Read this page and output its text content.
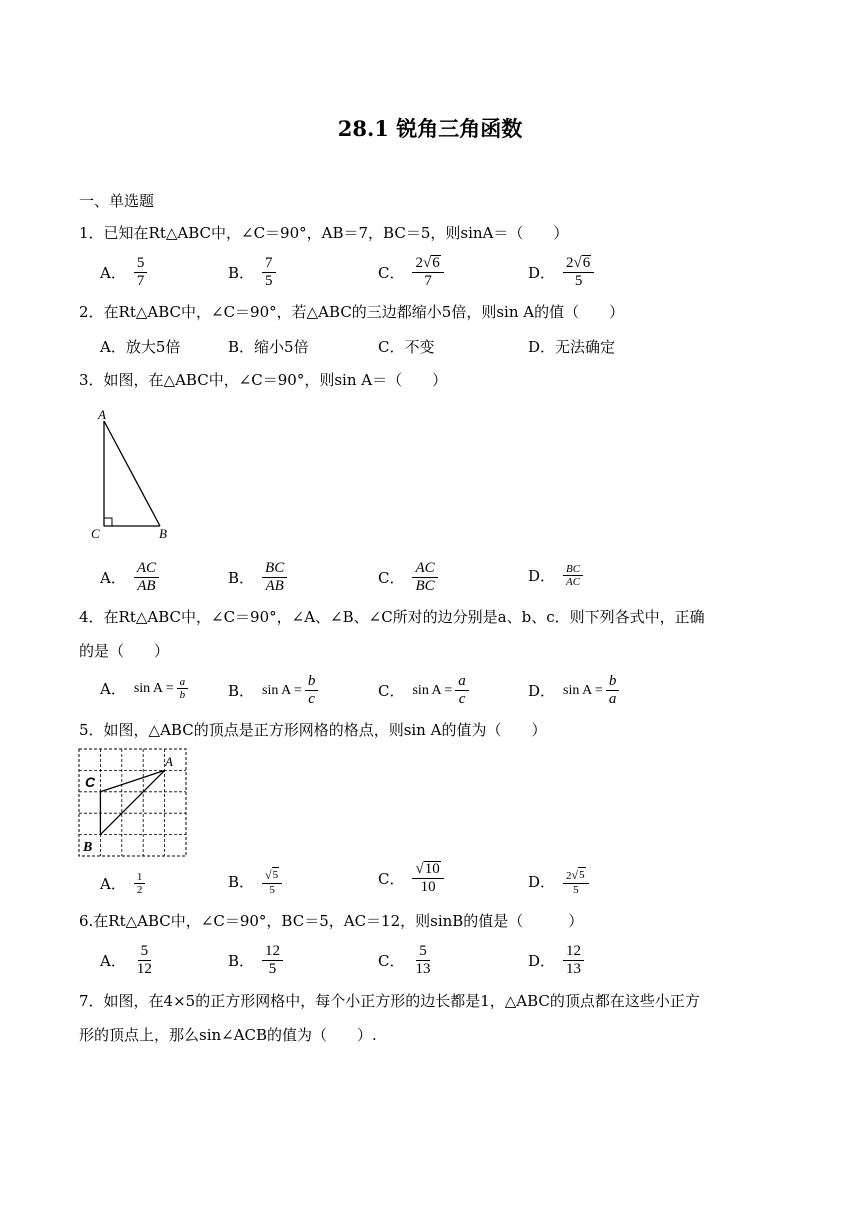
28.1 锐角三角函数
一、单选题
1．已知在Rt△ABC中，∠C＝90°，AB＝7，BC＝5，则sinA＝（　　）
A． $\frac{5}{7}$	B． $\frac{7}{5}$	C． $\frac{2 √ 6}{7}$	D． $\frac{2 √ 6}{5}$
2．在Rt△ABC中，∠C＝90°，若△ABC的三边都缩小5倍，则sin A的值（　　）
A．放大5倍	B．缩小5倍	C．不变	D．无法确定
3．如图，在△ABC中，∠C＝90°，则sin A＝（　　）
A
C	B
A． $\frac{AC}{AB}$	B． $\frac{BC}{AB}$	C． $\frac{AC}{BC}$	D． $\frac{BC}{AC}$
4．在Rt△ABC中，∠C＝90°，∠A、∠B、∠C所对的边分别是a、b、c．则下列各式中，正确
的是（　　）
A． $\sin A = \frac{a}{b}$	B． $\sin A = \frac{b}{c}$	C． $\sin A = \frac{a}{c}$	D． $\sin A = \frac{b}{a}$
5．如图，△ABC的顶点是正方形网格的格点，则sin A的值为（　　）
A
C
B
A． $\frac{1}{2}$	B． $\frac{√ 5}{5}$	C． $\frac{√ 10}{10}$	D． $\frac{2 √ 5}{5}$
6.在Rt△ABC中，∠C＝90°，BC＝5，AC＝12，则sinB的值是（　　　）
A． $\frac{5}{12}$	B． $\frac{12}{5}$	C． $\frac{5}{13}$	D． $\frac{12}{13}$
7．如图，在4×5的正方形网格中，每个小正方形的边长都是1，△ABC的顶点都在这些小正方
形的顶点上，那么sin∠ACB的值为（　　）.
